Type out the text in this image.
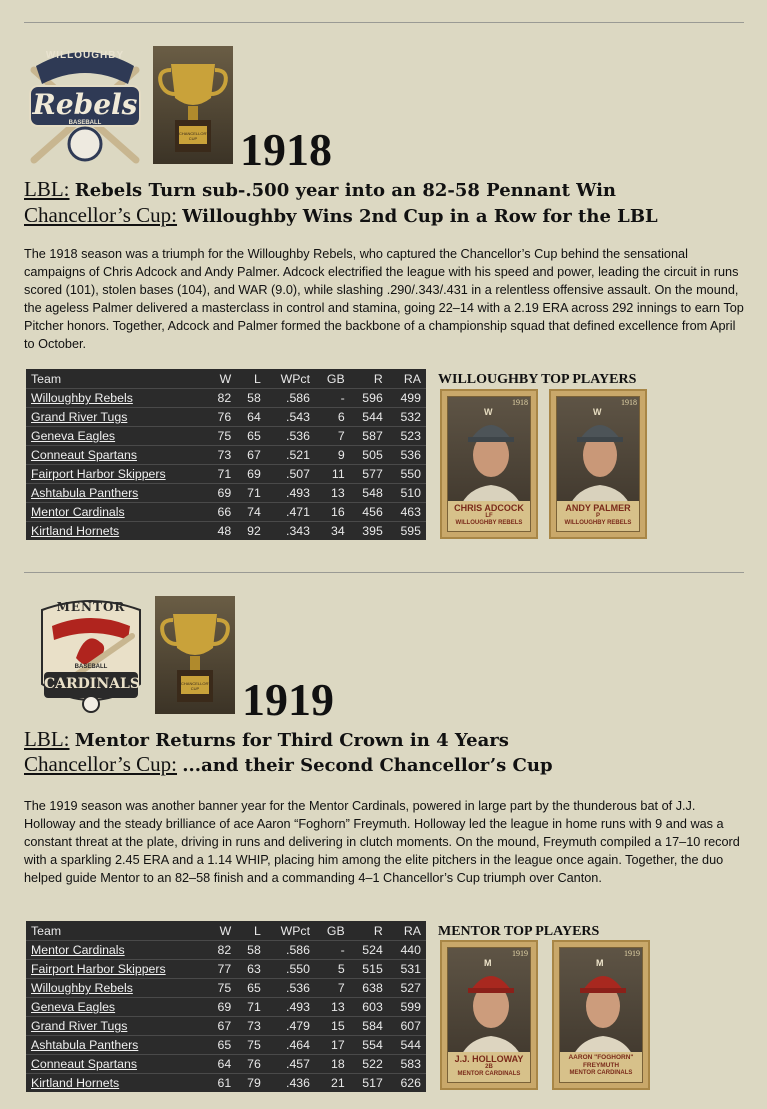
WILLOUGHBY
Rebels
BASEBALL
CHANCELLOR'S CUP 1918
LBL: Rebels Turn sub-.500 year into an 82-58 Pennant Win
Chancellor’s Cup: Willoughby Wins 2nd Cup in a Row for the LBL
The 1918 season was a triumph for the Willoughby Rebels, who captured the Chancellor’s Cup behind the sensational campaigns of Chris Adcock and Andy Palmer. Adcock electrified the league with his speed and power, leading the circuit in runs scored (101), stolen bases (104), and WAR (9.0), while slashing .290/.343/.431 in a relentless offensive assault. On the mound, the ageless Palmer delivered a masterclass in control and stamina, going 22–14 with a 2.19 ERA across 292 innings to earn Top Pitcher honors. Together, Adcock and Palmer formed the backbone of a championship squad that defined excellence from April to October.
Team	W	L	WPct	GB	R	RA
Willoughby Rebels	82	58	.586	-	596	499
Grand River Tugs	76	64	.543	6	544	532
Geneva Eagles	75	65	.536	7	587	523
Conneaut Spartans	73	67	.521	9	505	536
Fairport Harbor Skippers	71	69	.507	11	577	550
Ashtabula Panthers	69	71	.493	13	548	510
Mentor Cardinals	66	74	.471	16	456	463
Kirtland Hornets	48	92	.343	34	395	595
WILLOUGHBY TOP PLAYERS
1918
W
CHRIS ADCOCK
LF
WILLOUGHBY REBELS
1918
W
ANDY PALMER
P
WILLOUGHBY REBELS
MENTOR
BASEBALL
CARDINALS	CHANCELLOR'S CUP 1919
LBL: Mentor Returns for Third Crown in 4 Years
Chancellor’s Cup: ...and their Second Chancellor’s Cup
The 1919 season was another banner year for the Mentor Cardinals, powered in large part by the thunderous bat of J.J. Holloway and the steady brilliance of ace Aaron “Foghorn” Freymuth. Holloway led the league in home runs with 9 and was a constant threat at the plate, driving in runs and delivering in clutch moments. On the mound, Freymuth compiled a 17–10 record with a sparkling 2.45 ERA and a 1.14 WHIP, placing him among the elite pitchers in the league once again. Together, the duo helped guide Mentor to an 82–58 finish and a commanding 4–1 Chancellor’s Cup triumph over Canton.
Team	W	L	WPct	GB	R	RA
Mentor Cardinals	82	58	.586	-	524	440
Fairport Harbor Skippers	77	63	.550	5	515	531
Willoughby Rebels	75	65	.536	7	638	527
Geneva Eagles	69	71	.493	13	603	599
Grand River Tugs	67	73	.479	15	584	607
Ashtabula Panthers	65	75	.464	17	554	544
Conneaut Spartans	64	76	.457	18	522	583
Kirtland Hornets	61	79	.436	21	517	626
MENTOR TOP PLAYERS
1919
M
J.J. HOLLOWAY
2B
MENTOR CARDINALS
1919
M
AARON "FOGHORN" FREYMUTH
MENTOR CARDINALS
